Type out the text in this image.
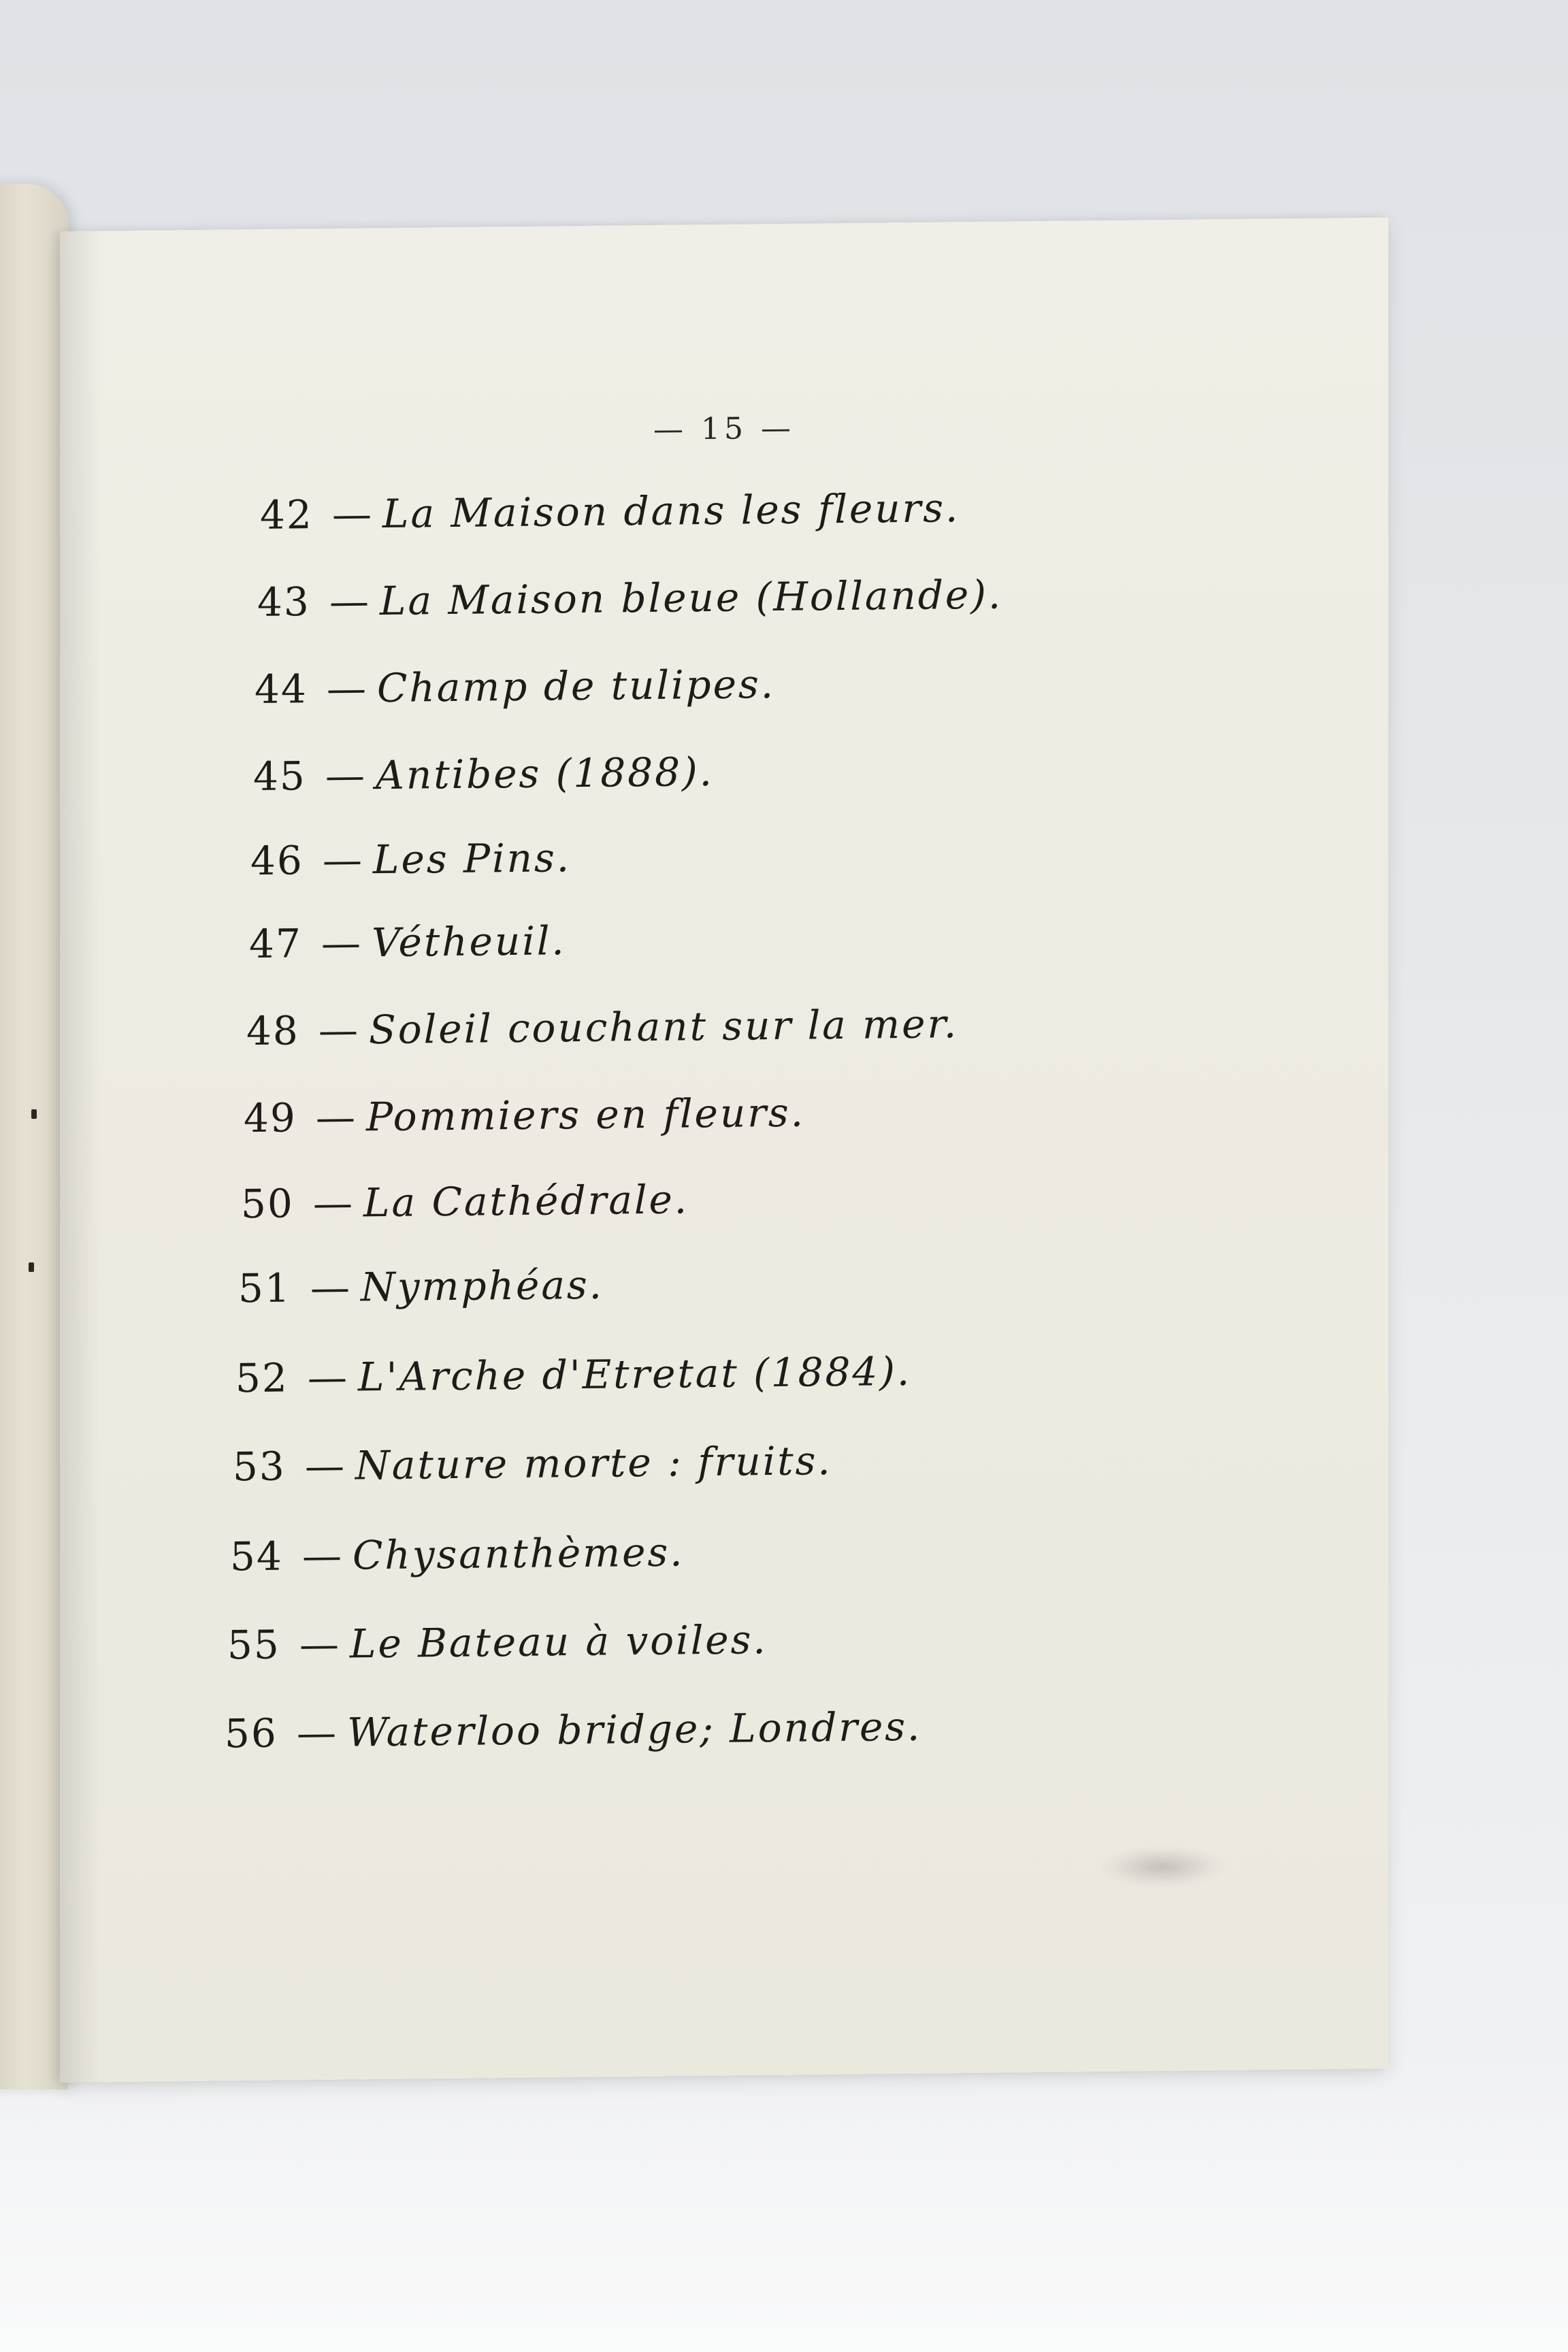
— 15 —
42 — La Maison dans les fleurs.
43 — La Maison bleue (Hollande).
44 — Champ de tulipes.
45 — Antibes (1888).
46 — Les Pins.
47 — Vétheuil.
48 — Soleil couchant sur la mer.
49 — Pommiers en fleurs.
50 — La Cathédrale.
51 — Nymphéas.
52 — L'Arche d'Etretat (1884).
53 — Nature morte : fruits.
54 — Chysanthèmes.
55 — Le Bateau à voiles.
56 — Waterloo bridge; Londres.
